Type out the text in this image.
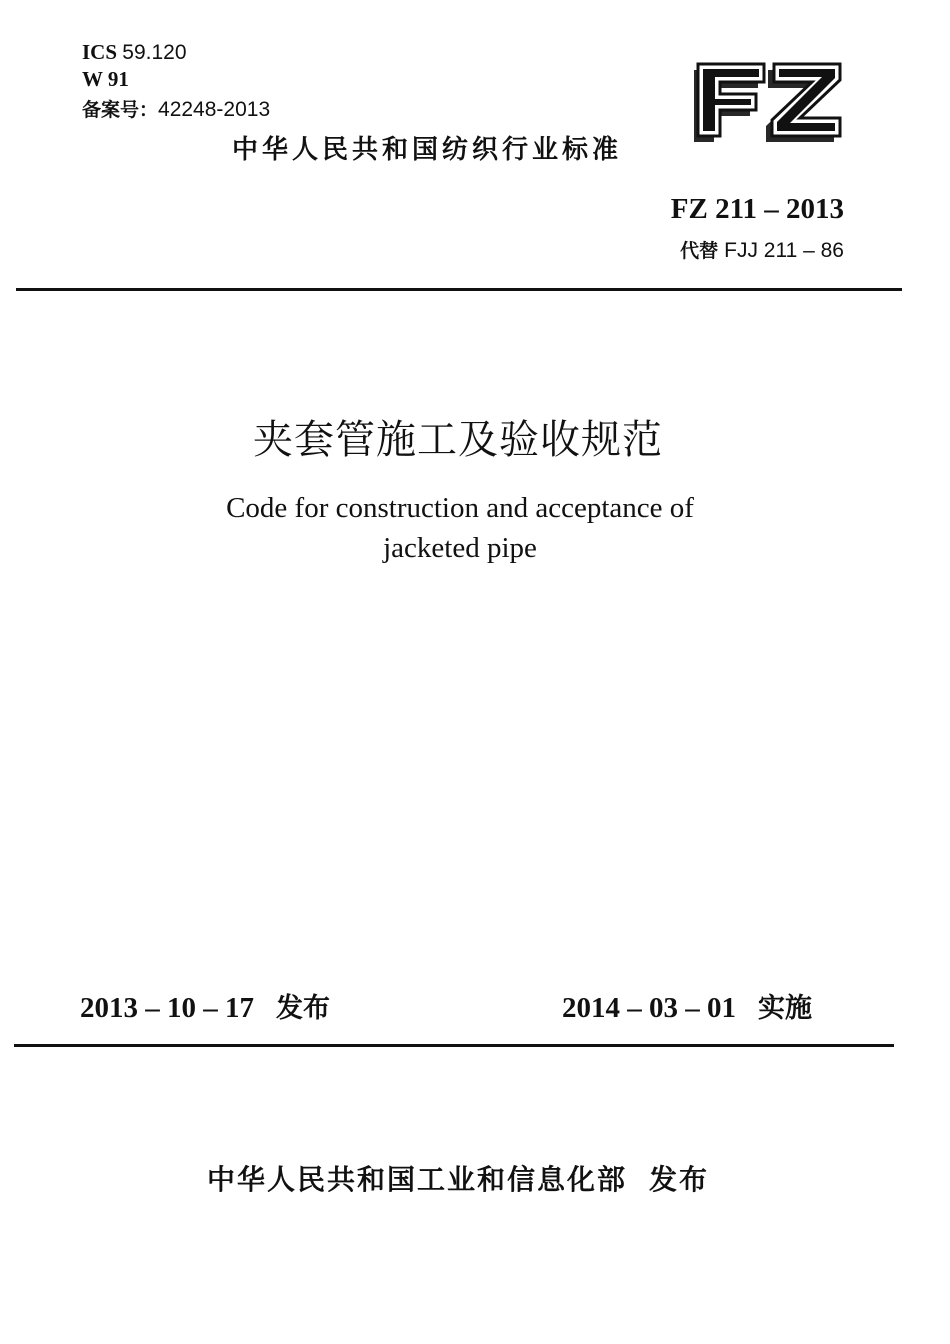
ICS 59.120
W 91
备案号：42248-2013
中华人民共和国纺织行业标准
FZ 211 – 2013
代替 FJJ 211 – 86
夹套管施工及验收规范
Code for construction and acceptance of
jacketed pipe
2013 – 10 – 17 发布	2014 – 03 – 01 实施
中华人民共和国工业和信息化部 发布
